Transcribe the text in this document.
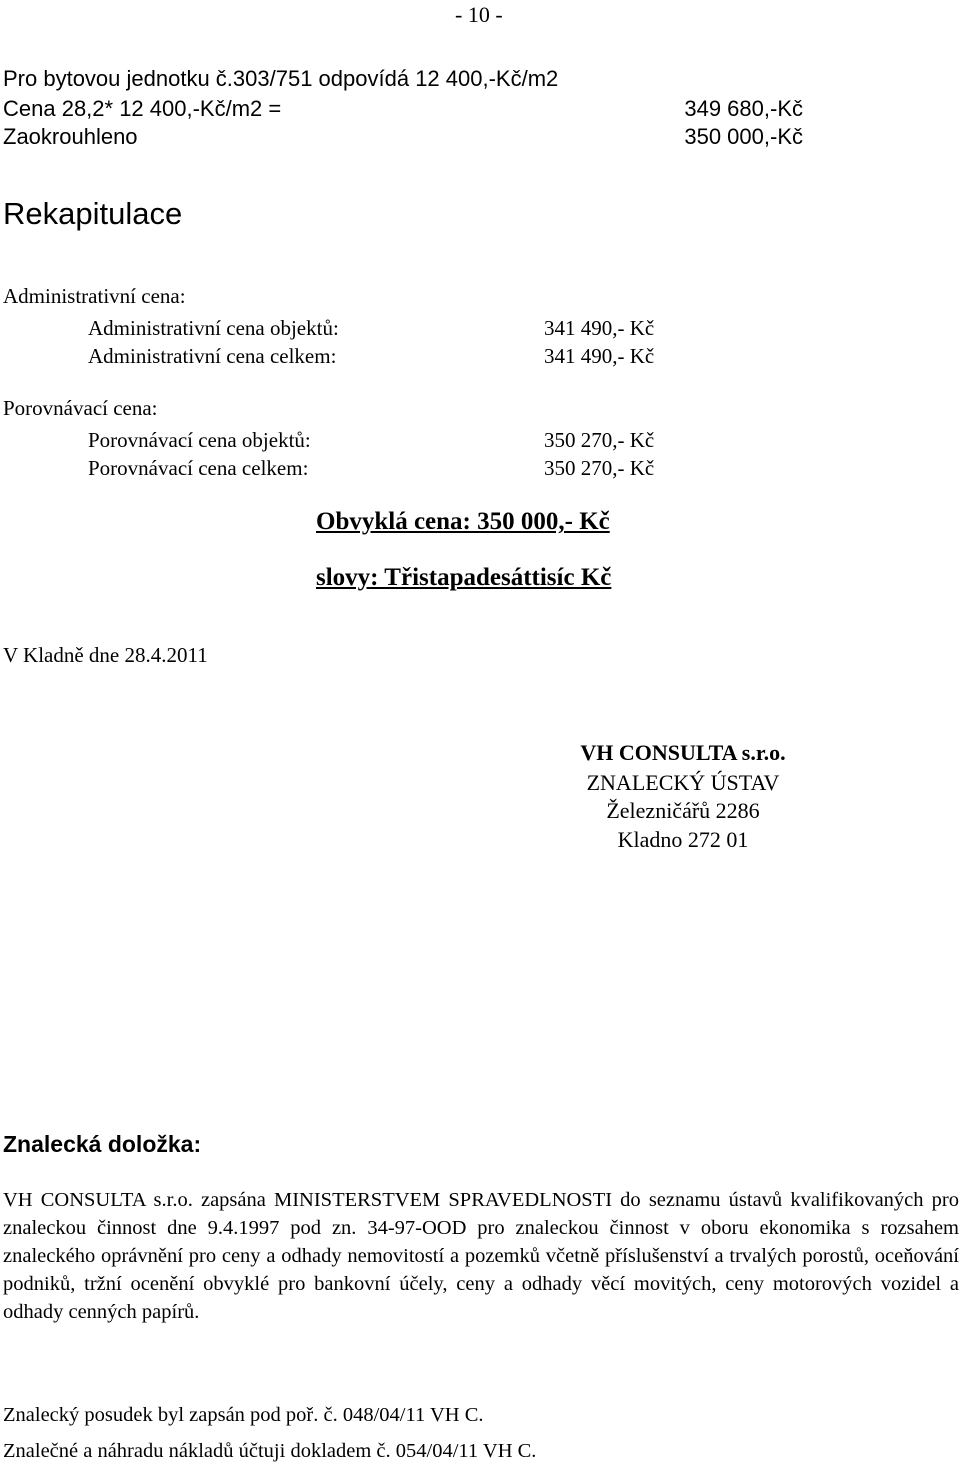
- 10 -
Pro bytovou jednotku č.303/751 odpovídá 12 400,-Kč/m2
Cena 28,2* 12 400,-Kč/m2 =	349 680,-Kč
Zaokrouhleno	350 000,-Kč
Rekapitulace
Administrativní cena:
Administrativní cena objektů:	341 490,- Kč
Administrativní cena celkem:	341 490,- Kč
Porovnávací cena:
Porovnávací cena objektů:	350 270,- Kč
Porovnávací cena celkem:	350 270,- Kč
Obvyklá cena: 350 000,- Kč
slovy: Třistapadesáttisíc Kč
V Kladně dne 28.4.2011
VH CONSULTA s.r.o.
ZNALECKÝ ÚSTAV
Železničářů 2286
Kladno 272 01
Znalecká doložka:
VH CONSULTA s.r.o. zapsána MINISTERSTVEM SPRAVEDLNOSTI do seznamu ústavů kvalifikovaných pro znaleckou činnost dne 9.4.1997 pod zn. 34-97-OOD pro znaleckou činnost v oboru ekonomika s rozsahem znaleckého oprávnění pro ceny a odhady nemovitostí a pozemků včetně příslušenství a trvalých porostů, oceňování podniků, tržní ocenění obvyklé pro bankovní účely, ceny a odhady věcí movitých, ceny motorových vozidel a odhady cenných papírů.
Znalecký posudek byl zapsán pod poř. č. 048/04/11 VH C.
Znalečné a náhradu nákladů účtuji dokladem č. 054/04/11 VH C.
